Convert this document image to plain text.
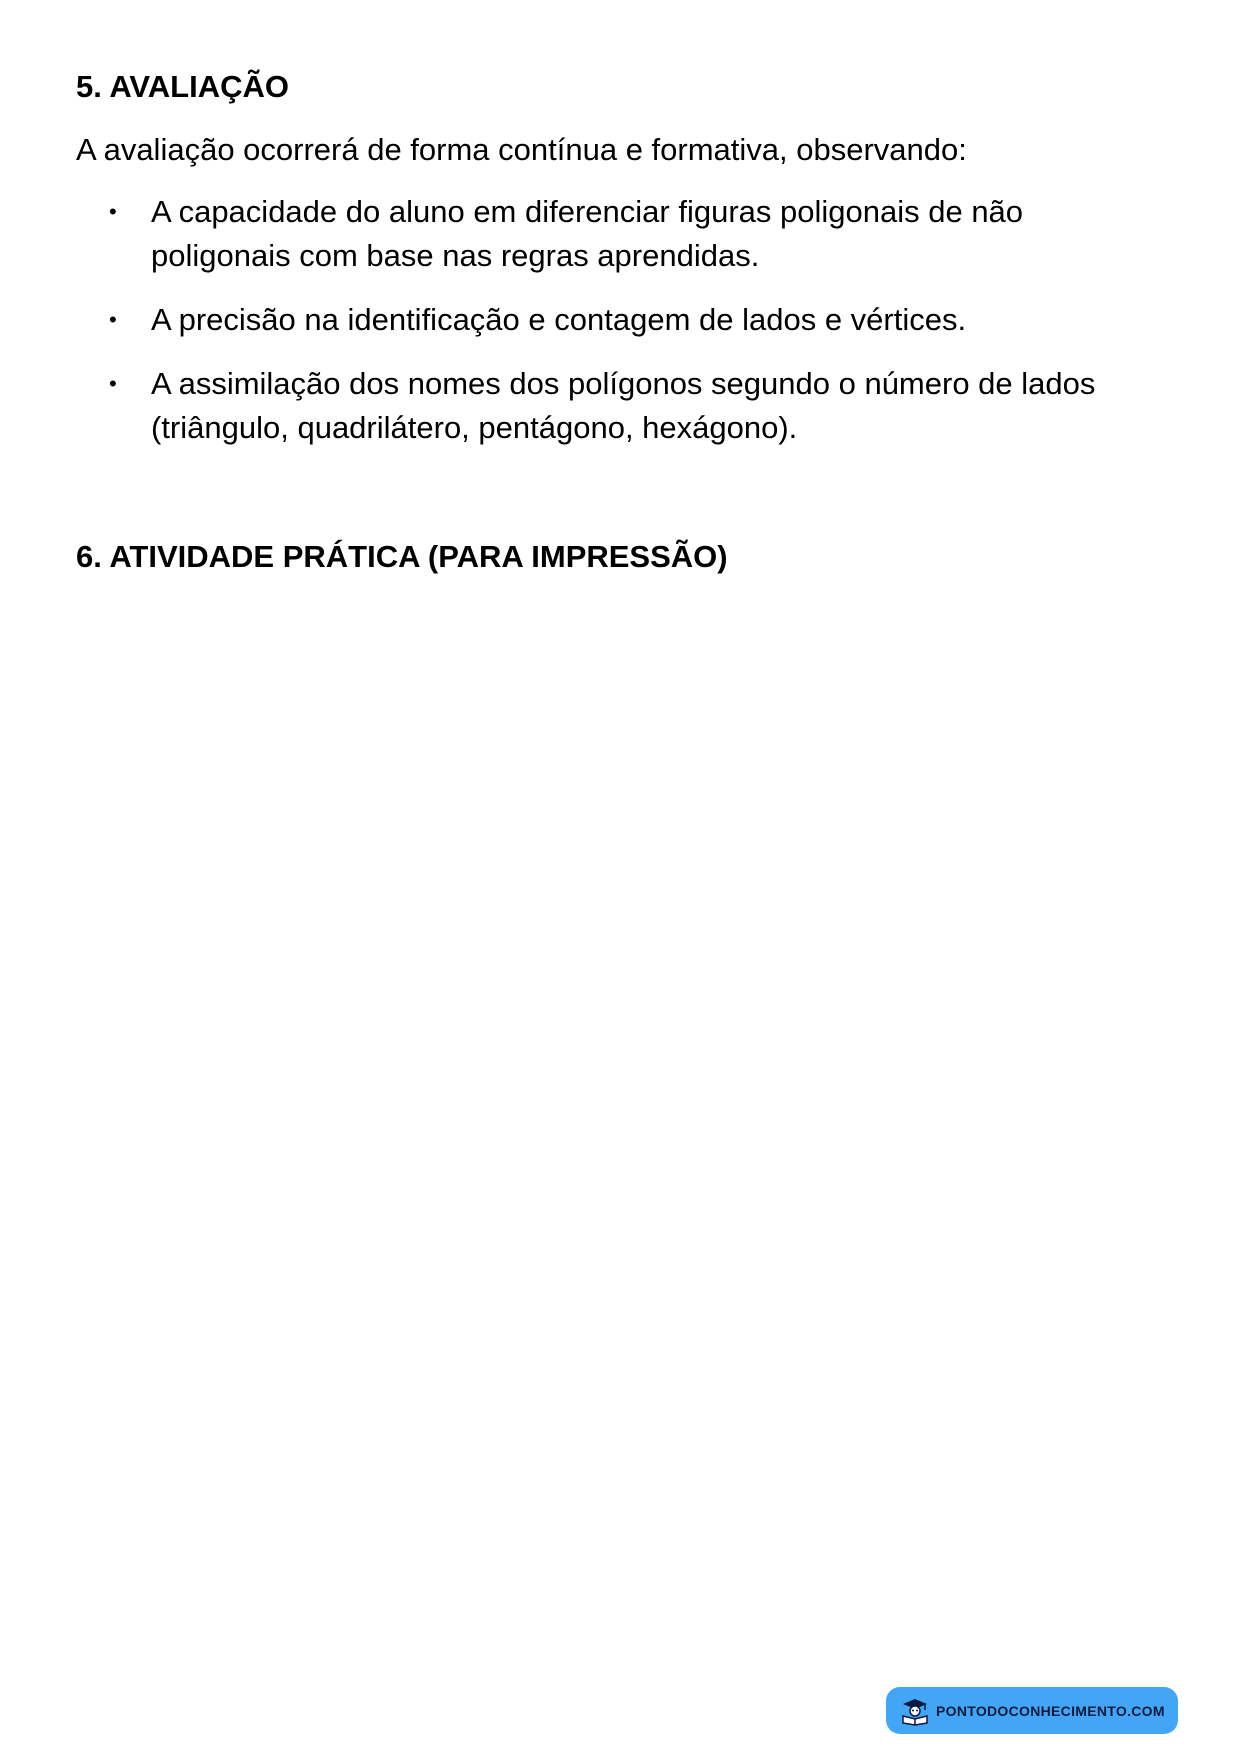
5. AVALIAÇÃO

A avaliação ocorrerá de forma contínua e formativa, observando:

• A capacidade do aluno em diferenciar figuras poligonais de não poligonais com base nas regras aprendidas.
• A precisão na identificação e contagem de lados e vértices.
• A assimilação dos nomes dos polígonos segundo o número de lados (triângulo, quadrilátero, pentágono, hexágono).
6. ATIVIDADE PRÁTICA (PARA IMPRESSÃO)
PONTODOCONHECIMENTO.COM
